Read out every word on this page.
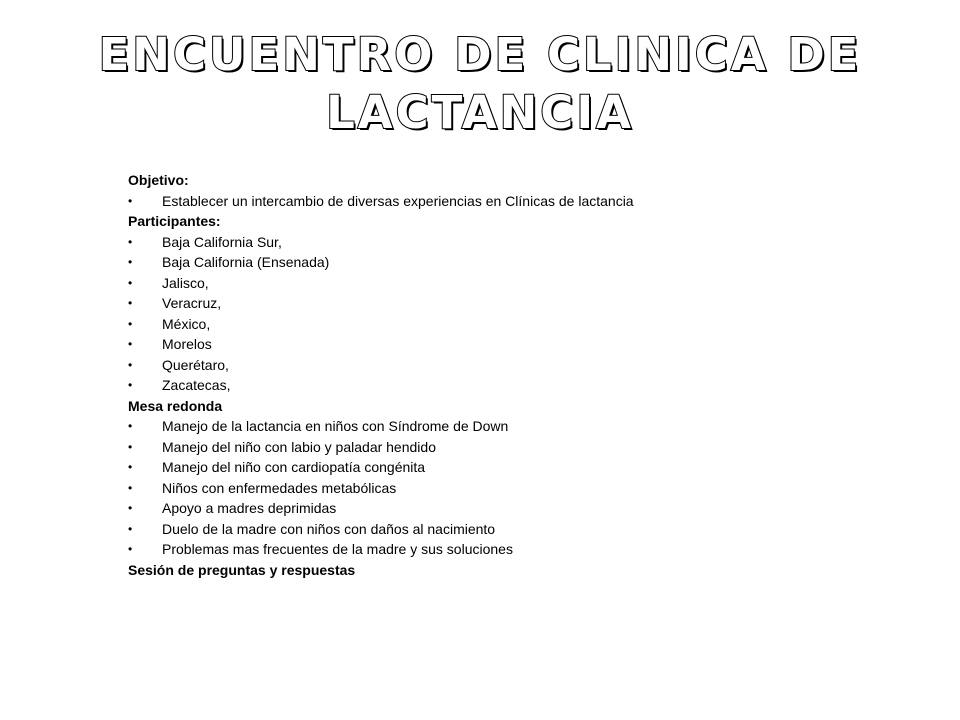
ENCUENTRO DE CLINICA DE
LACTANCIA
Objetivo:
• Establecer un intercambio de diversas experiencias en Clínicas de lactancia
Participantes:
• Baja California Sur,
• Baja California (Ensenada)
• Jalisco,
• Veracruz,
• México,
• Morelos
• Querétaro,
• Zacatecas,
Mesa redonda
• Manejo de la lactancia en niños con Síndrome de Down
• Manejo del niño con labio y paladar hendido
• Manejo del niño con cardiopatía congénita
• Niños con enfermedades metabólicas
• Apoyo a madres deprimidas
• Duelo de la madre con niños con daños al nacimiento
• Problemas mas frecuentes de la madre y sus soluciones
Sesión de preguntas y respuestas
